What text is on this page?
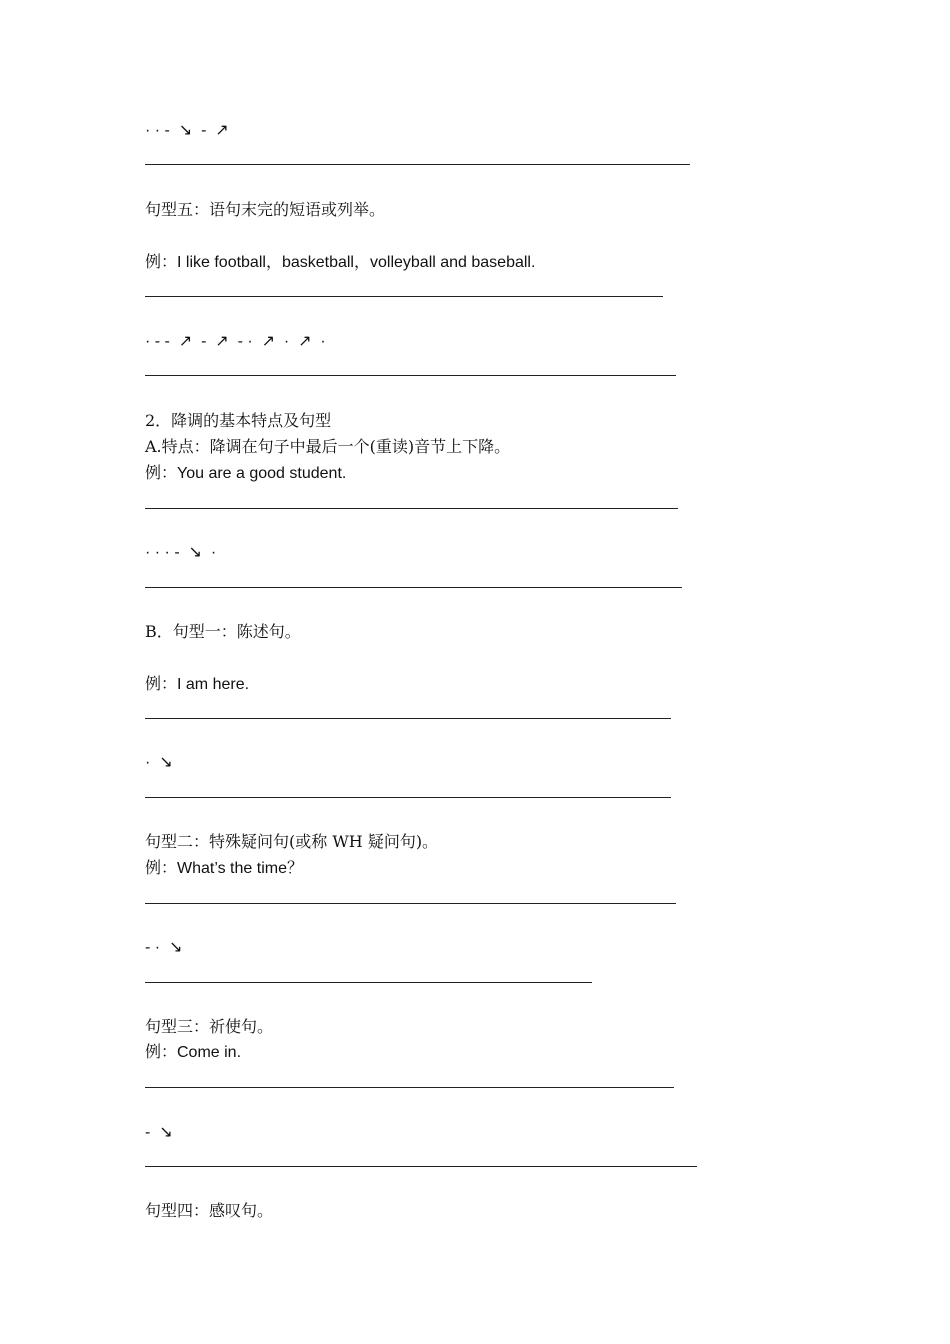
· · -  ↘  -  ↗
句型五：语句末完的短语或列举。
例：I like football，basketball，volleyball and baseball.
· - -  ↗  -  ↗  - ·  ↗  ·  ↗  ·
2．降调的基本特点及句型
A.特点：降调在句子中最后一个(重读)音节上下降。
例：You are a good student.
· · · -  ↘  ·
B．句型一：陈述句。
例：I am here.
·  ↘
句型二：特殊疑问句(或称 WH 疑问句)。
例：What’s the time？
- ·  ↘
句型三：祈使句。
例：Come in.
-  ↘
句型四：感叹句。
